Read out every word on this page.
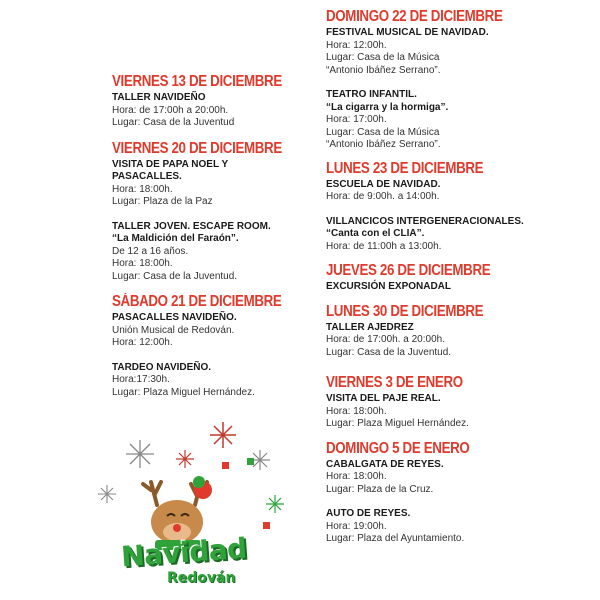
VIERNES 13 DE DICIEMBRE
TALLER NAVIDEÑO
Hora: de 17:00h a 20:00h.
Lugar: Casa de la Juventud
VIERNES 20 DE DICIEMBRE
VISITA DE PAPA NOEL Y
PASACALLES.
Hora: 18:00h.
Lugar: Plaza de la Paz
TALLER JOVEN. ESCAPE ROOM.
“La Maldición del Faraón”.
De 12 a 16 años.
Hora: 18:00h.
Lugar: Casa de la Juventud.
SÁBADO 21 DE DICIEMBRE
PASACALLES NAVIDEÑO.
Unión Musical de Redován.
Hora: 12:00h.
TARDEO NAVIDEÑO.
Hora:17:30h.
Lugar: Plaza Miguel Hernández.
DOMINGO 22 DE DICIEMBRE
FESTIVAL MUSICAL DE NAVIDAD.
Hora: 12:00h.
Lugar: Casa de la Música
“Antonio Ibáñez Serrano”.
TEATRO INFANTIL.
“La cigarra y la hormiga”.
Hora: 17:00h.
Lugar: Casa de la Música
“Antonio Ibáñez Serrano”.
LUNES 23 DE DICIEMBRE
ESCUELA DE NAVIDAD.
Hora: de 9:00h. a 14:00h.
VILLANCICOS INTERGENERACIONALES.
“Canta con el CLIA”.
Hora: de 11:00h a 13:00h.
JUEVES 26 DE DICIEMBRE
EXCURSIÓN EXPONADAL
LUNES 30 DE DICIEMBRE
TALLER AJEDREZ
Hora: de 17:00h. a 20:00h.
Lugar: Casa de la Juventud.
VIERNES 3 DE ENERO
VISITA DEL PAJE REAL.
Hora: 18:00h.
Lugar: Plaza Miguel Hernández.
DOMINGO 5 DE ENERO
CABALGATA DE REYES.
Hora: 18:00h.
Lugar: Plaza de la Cruz.
AUTO DE REYES.
Hora: 19:00h.
Lugar: Plaza del Ayuntamiento.
Navidad
Redován
